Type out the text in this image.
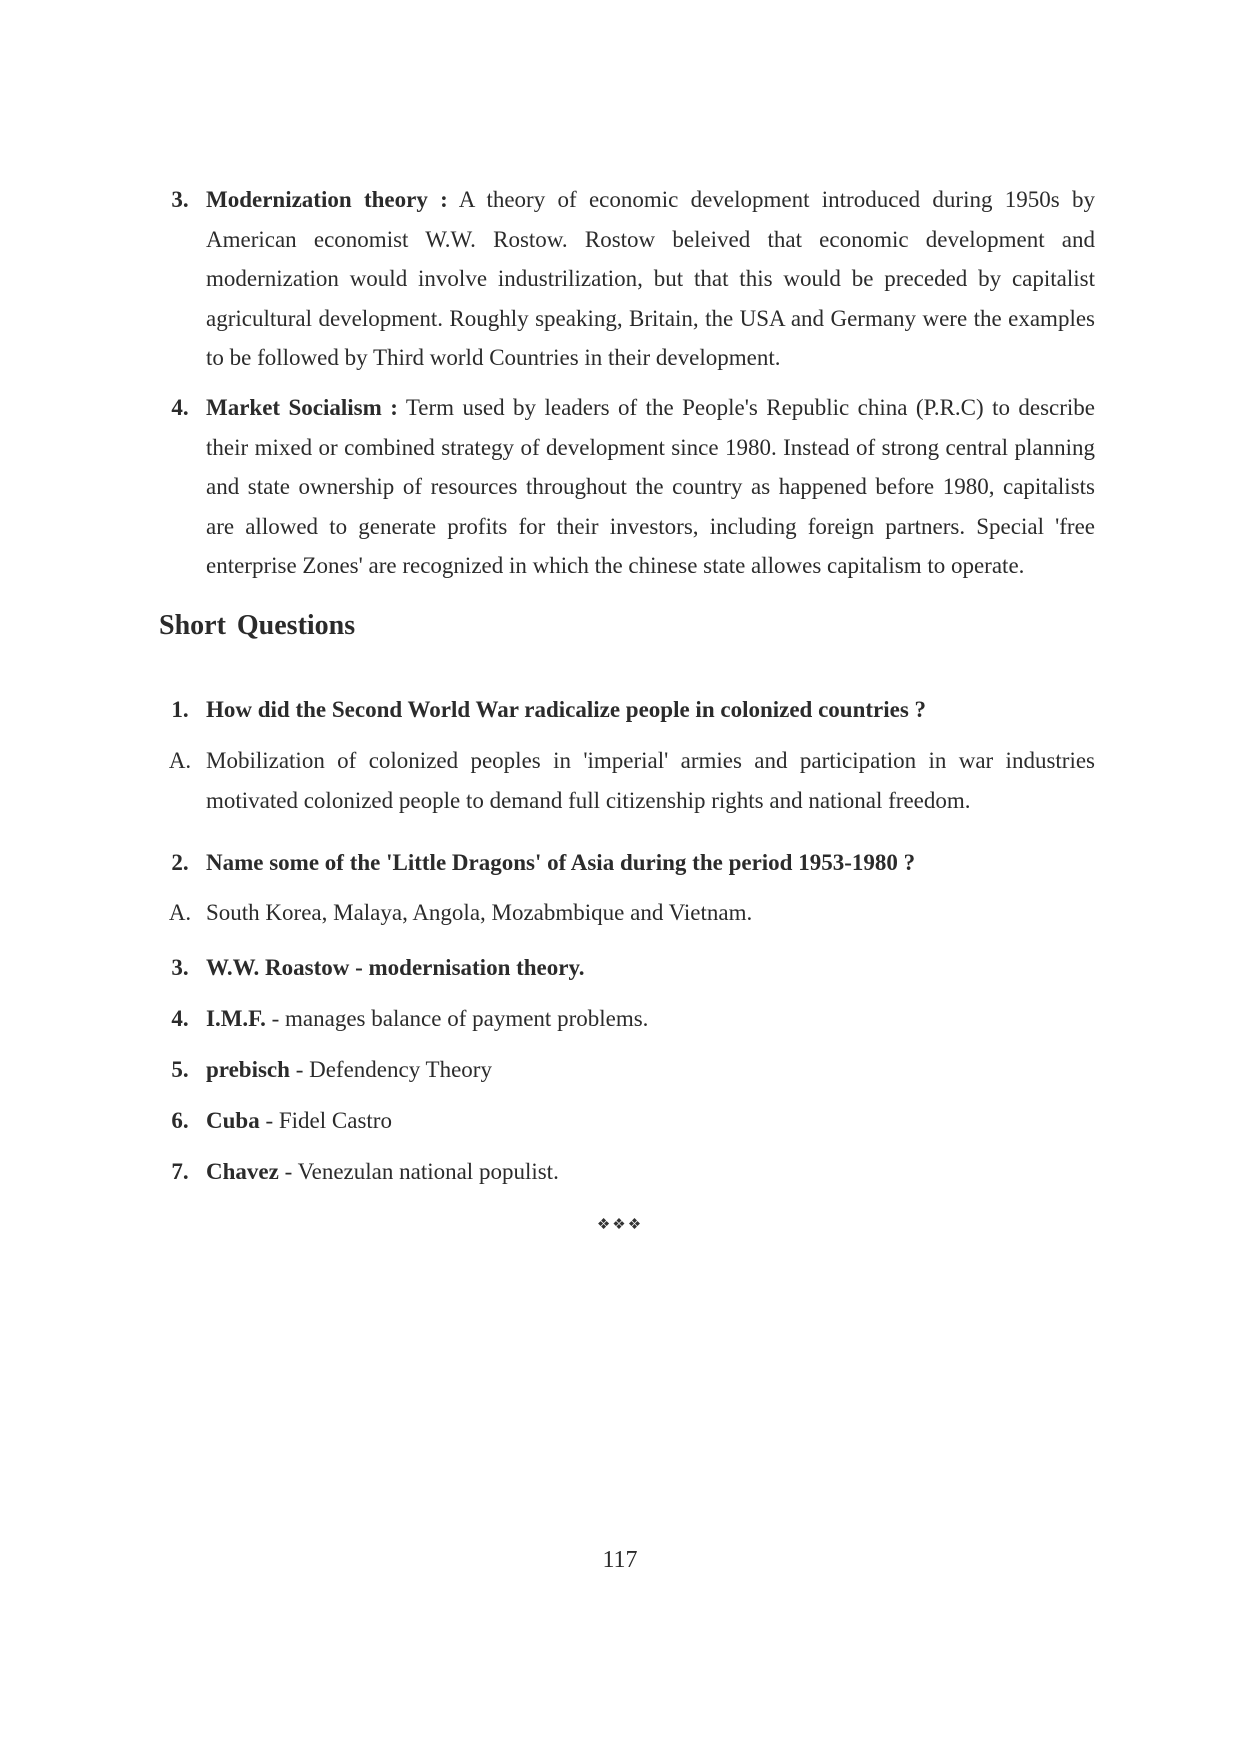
3. Modernization theory : A theory of economic development introduced during 1950s by American economist W.W. Rostow. Rostow beleived that economic development and modernization would involve industrilization, but that this would be preceded by capitalist agricultural development. Roughly speaking, Britain, the USA and Germany were the examples to be followed by Third world Countries in their development.
4. Market Socialism : Term used by leaders of the People's Republic china (P.R.C) to describe their mixed or combined strategy of development since 1980. Instead of strong central planning and state ownership of resources throughout the country as happened before 1980, capitalists are allowed to generate profits for their investors, including foreign partners. Special 'free enterprise Zones' are recognized in which the chinese state allowes capitalism to operate.
Short Questions
1. How did the Second World War radicalize people in colonized countries ?
A. Mobilization of colonized peoples in 'imperial' armies and participation in war industries motivated colonized people to demand full citizenship rights and national freedom.
2. Name some of the 'Little Dragons' of Asia during the period 1953-1980 ?
A. South Korea, Malaya, Angola, Mozabmbique and Vietnam.
3. W.W. Roastow - modernisation theory.
4. I.M.F. - manages balance of payment problems.
5. prebisch - Defendency Theory
6. Cuba - Fidel Castro
7. Chavez - Venezulan national populist.
❖❖❖
117
